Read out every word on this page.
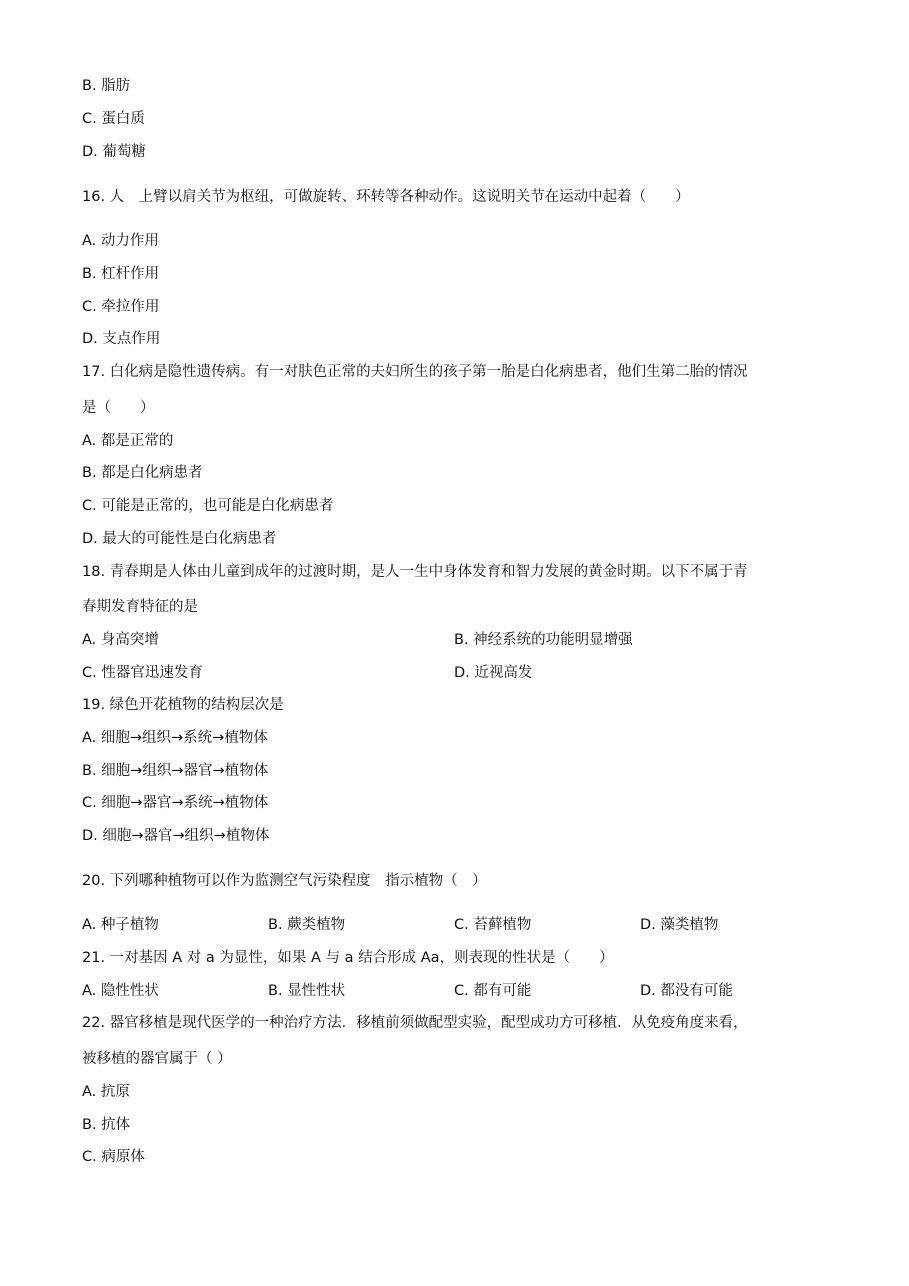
B. 脂肪
C. 蛋白质
D. 葡萄糖
16. 人　上臂以肩关节为枢纽，可做旋转、环转等各种动作。这说明关节在运动中起着（　　）
A. 动力作用
B. 杠杆作用
C. 牵拉作用
D. 支点作用
17. 白化病是隐性遗传病。有一对肤色正常的夫妇所生的孩子第一胎是白化病患者，他们生第二胎的情况
是（　　）
A. 都是正常的
B. 都是白化病患者
C. 可能是正常的，也可能是白化病患者
D. 最大的可能性是白化病患者
18. 青春期是人体由儿童到成年的过渡时期，是人一生中身体发育和智力发展的黄金时期。以下不属于青
春期发育特征的是
A. 身高突增	B. 神经系统的功能明显增强
C. 性器官迅速发育	D. 近视高发
19. 绿色开花植物的结构层次是
A. 细胞→组织→系统→植物体
B. 细胞→组织→器官→植物体
C. 细胞→器官→系统→植物体
D. 细胞→器官→组织→植物体
20. 下列哪种植物可以作为监测空气污染程度　指示植物（　）
A. 种子植物	B. 蕨类植物	C. 苔藓植物	D. 藻类植物
21. 一对基因 A 对 a 为显性，如果 A 与 a 结合形成 Aa，则表现的性状是（　　）
A. 隐性性状	B. 显性性状	C. 都有可能	D. 都没有可能
22. 器官移植是现代医学的一种治疗方法．移植前须做配型实验，配型成功方可移植．从免疫角度来看，
被移植的器官属于（ ）
A. 抗原
B. 抗体
C. 病原体
